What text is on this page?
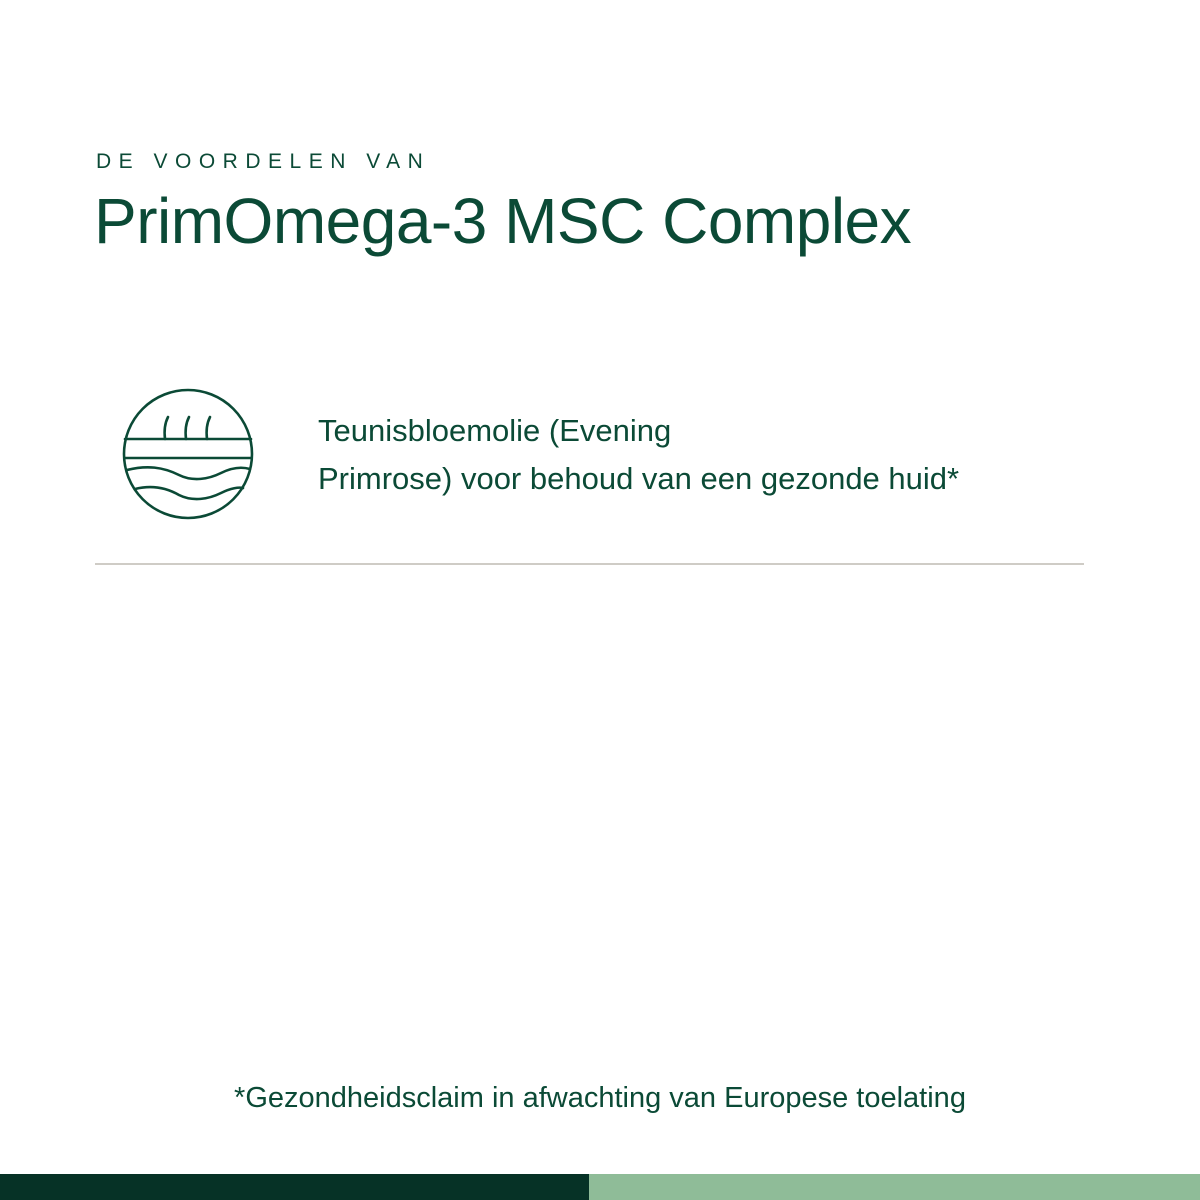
DE VOORDELEN VAN
PrimOmega-3 MSC Complex
Teunisbloemolie (Evening
Primrose) voor behoud van een gezonde huid*
*Gezondheidsclaim in afwachting van Europese toelating
